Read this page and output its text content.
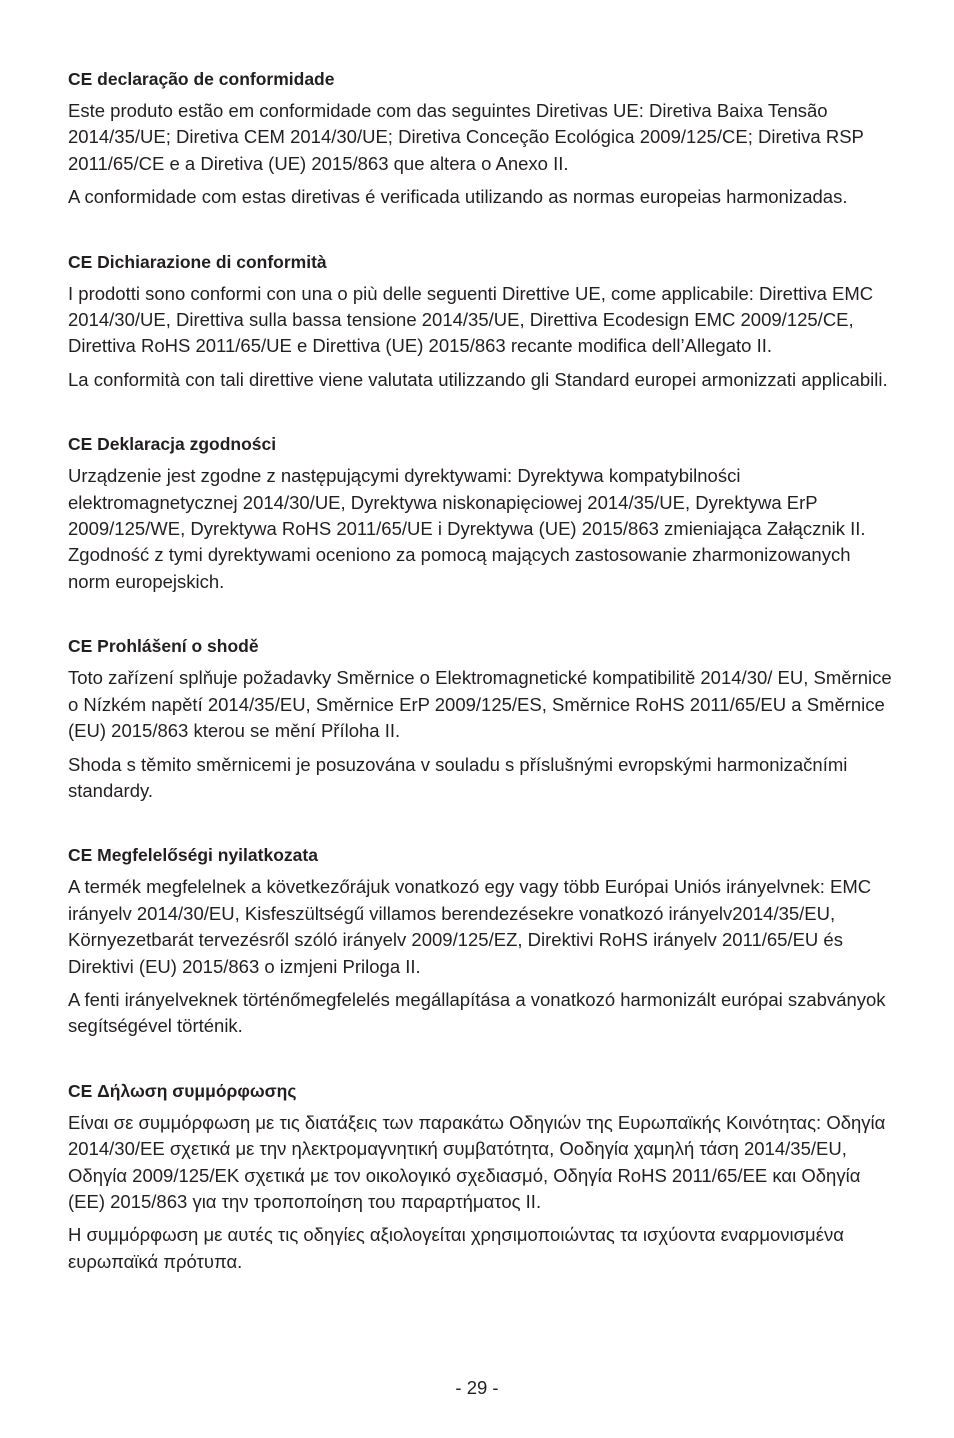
CE declaração de conformidade

Este produto estão em conformidade com das seguintes Diretivas UE: Diretiva Baixa Tensão 2014/35/UE; Diretiva CEM 2014/30/UE; Diretiva Conceção Ecológica 2009/125/CE; Diretiva RSP 2011/65/CE e a Diretiva (UE) 2015/863 que altera o Anexo II.

A conformidade com estas diretivas é verificada utilizando as normas europeias harmonizadas.

CE Dichiarazione di conformità

I prodotti sono conformi con una o più delle seguenti Direttive UE, come applicabile: Direttiva EMC 2014/30/UE, Direttiva sulla bassa tensione 2014/35/UE, Direttiva Ecodesign EMC 2009/125/CE, Direttiva RoHS 2011/65/UE e Direttiva (UE) 2015/863 recante modifica dell’Allegato II.

La conformità con tali direttive viene valutata utilizzando gli Standard europei armonizzati applicabili.

CE Deklaracja zgodności

Urządzenie jest zgodne z następującymi dyrektywami: Dyrektywa kompatybilności elektromagnetycznej 2014/30/UE, Dyrektywa niskonapięciowej 2014/35/UE, Dyrektywa ErP 2009/125/WE, Dyrektywa RoHS 2011/65/UE i Dyrektywa (UE) 2015/863 zmieniająca Załącznik II. Zgodność z tymi dyrektywami oceniono za pomocą mających zastosowanie zharmonizowanych norm europejskich.

CE Prohlášení o shodě

Toto zařízení splňuje požadavky Směrnice o Elektromagnetické kompatibilitě 2014/30/ EU, Směrnice o Nízkém napětí 2014/35/EU, Směrnice ErP 2009/125/ES, Směrnice RoHS 2011/65/EU a Směrnice (EU) 2015/863 kterou se mění Příloha II.

Shoda s těmito směrnicemi je posuzována v souladu s příslušnými evropskými harmonizačními standardy.

CE Megfelelőségi nyilatkozata

A termék megfelelnek a következőrájuk vonatkozó egy vagy több Európai Uniós irányelvnek: EMC irányelv 2014/30/EU, Kisfeszültségű villamos berendezésekre vonatkozó irányelv2014/35/EU, Környezetbarát tervezésről szóló irányelv 2009/125/EZ, Direktivi RoHS irányelv 2011/65/EU és Direktivi (EU) 2015/863 o izmjeni Priloga II.

A fenti irányelveknek történőmegfelelés megállapítása a vonatkozó harmonizált európai szabványok segítségével történik.

CE Δήλωση συμμόρφωσης

Είναι σε συμμόρφωση με τις διατάξεις των παρακάτω Οδηγιών της Ευρωπαϊκής Κοινότητας: Οδηγία 2014/30/ΕΕ σχετικά με την ηλεκτρομαγνητική συμβατότητα, Οοδηγία χαμηλή τάση 2014/35/EU, Οδηγία 2009/125/ΕΚ σχετικά με τον οικολογικό σχεδιασμό, Οδηγία RoHS 2011/65/ΕΕ και Οδηγία (ΕΕ) 2015/863 για την τροποποίηση του παραρτήματος II.

Η συμμόρφωση με αυτές τις οδηγίες αξιολογείται χρησιμοποιώντας τα ισχύοντα εναρμονισμένα ευρωπαϊκά πρότυπα.

- 29 -
